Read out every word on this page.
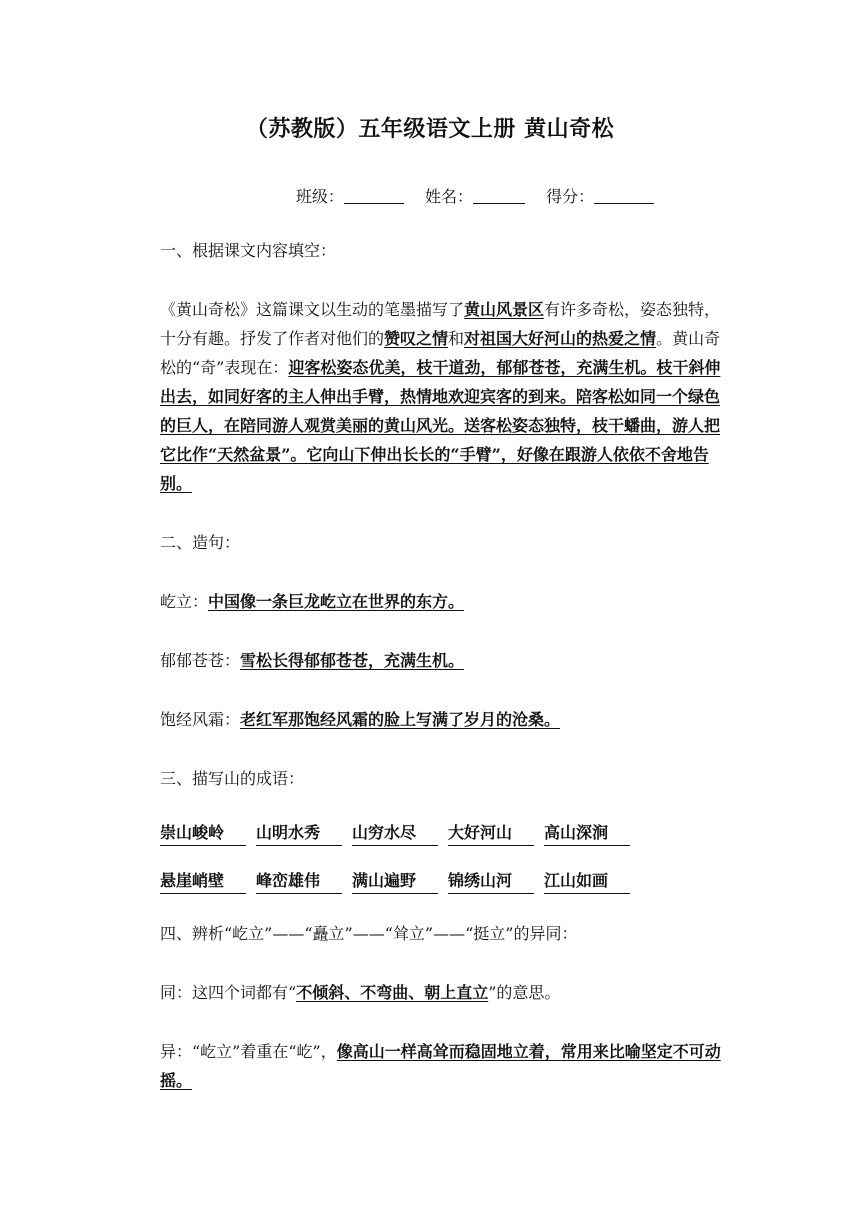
（苏教版）五年级语文上册 黄山奇松
班级：	姓名：	得分：
一、根据课文内容填空：
《黄山奇松》这篇课文以生动的笔墨描写了黄山风景区有许多奇松，姿态独特，十分有趣。抒发了作者对他们的赞叹之情和对祖国大好河山的热爱之情。黄山奇松的“奇”表现在：迎客松姿态优美，枝干道劲，郁郁苍苍，充满生机。枝干斜伸出去，如同好客的主人伸出手臂，热情地欢迎宾客的到来。陪客松如同一个绿色的巨人，在陪同游人观赏美丽的黄山风光。送客松姿态独特，枝干蟠曲，游人把它比作“天然盆景”。它向山下伸出长长的“手臂”，好像在跟游人依依不舍地告别。
二、造句：
屹立：中国像一条巨龙屹立在世界的东方。
郁郁苍苍：雪松长得郁郁苍苍，充满生机。
饱经风霜：老红军那饱经风霜的脸上写满了岁月的沧桑。
三、描写山的成语：
崇山峻岭	山明水秀	山穷水尽	大好河山	高山深涧
悬崖峭壁	峰峦雄伟	满山遍野	锦绣山河	江山如画
四、辨析“屹立”——“矗立”——“耸立”——“挺立”的异同：
同：这四个词都有“不倾斜、不弯曲、朝上直立”的意思。
异：“屹立”着重在“屹”，像高山一样高耸而稳固地立着，常用来比喻坚定不可动摇。
